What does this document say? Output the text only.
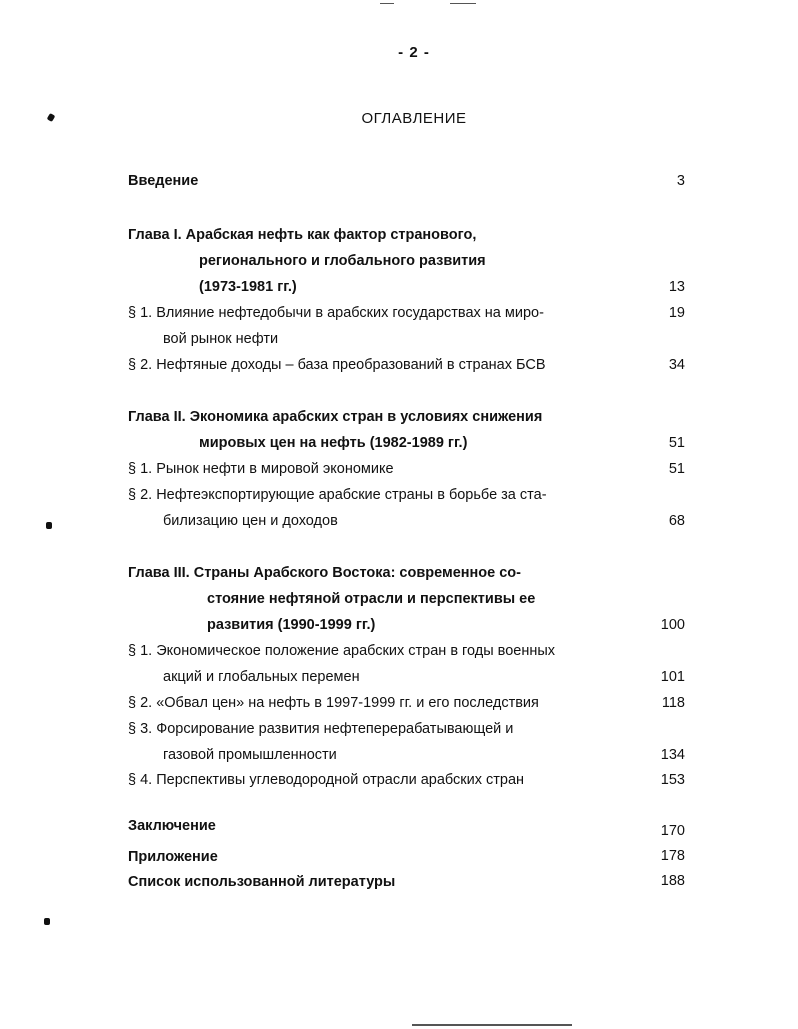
- 2 -
ОГЛАВЛЕНИЕ
Введение	3
Глава I. Арабская нефть как фактор странового,
регионального и глобального развития
(1973-1981 гг.)	13
§ 1. Влияние нефтедобычи в арабских государствах на миро-	19
вой рынок нефти
§ 2. Нефтяные доходы – база преобразований в странах БСВ	34
Глава II. Экономика арабских стран в условиях снижения
мировых цен на нефть (1982-1989 гг.)	51
§ 1. Рынок нефти в мировой экономике	51
§ 2. Нефтеэкспортирующие арабские страны в борьбе за ста-
билизацию цен и доходов	68
Глава III. Страны Арабского Востока: современное со-
стояние нефтяной отрасли и перспективы ее
развития (1990-1999 гг.)	100
§ 1. Экономическое положение арабских стран в годы военных
акций и глобальных перемен	101
§ 2. «Обвал цен» на нефть в 1997-1999 гг. и его последствия	118
§ 3. Форсирование развития нефтеперерабатывающей и
газовой промышленности	134
§ 4. Перспективы углеводородной отрасли арабских стран	153
Заключение	170
Приложение	178
Список использованной литературы	188
